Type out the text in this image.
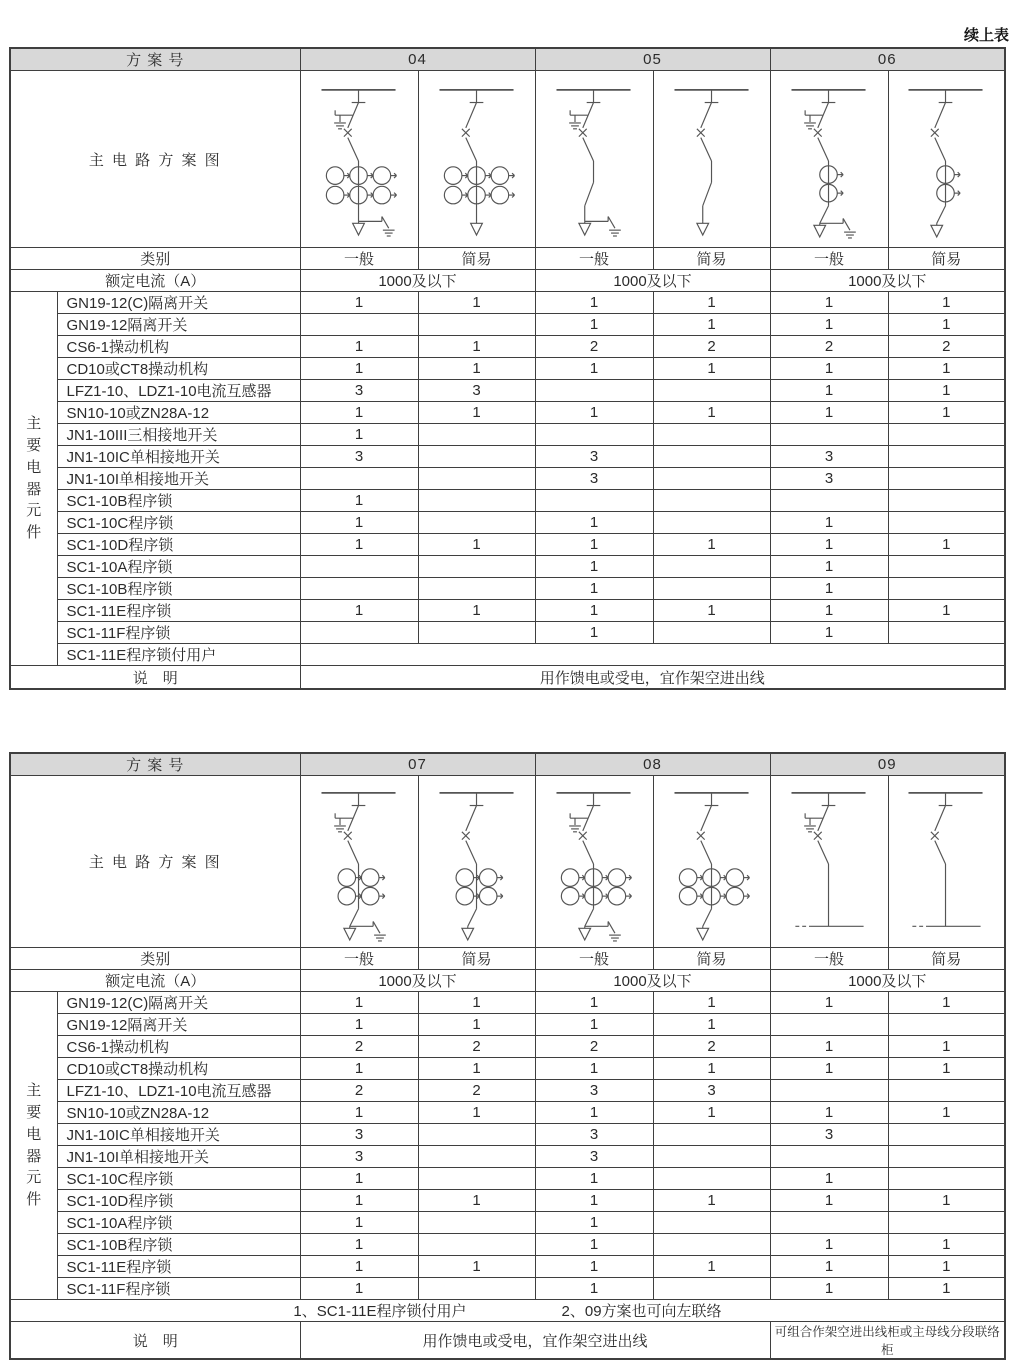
续上表
方 案 号		04		05		06	
主 电 路 方 案 图	

类别		一般	简易	一般	简易	一般	简易
额定电流（A）		1000及以下		1000及以下		1000及以下	

主
要
电
器
元
件
	GN19-12(C)隔离开关	1	1	1	1	1	1
	GN19-12隔离开关			1	1	1	1
	CS6-1操动机构	1	1	2	2	2	2
	CD10或CT8操动机构	1	1	1	1	1	1
	LFZ1-10、LDZ1-10电流互感器	3	3			1	1
	SN10-10或ZN28A-12	1	1	1	1	1	1
	JN1-10III三相接地开关	1					
	JN1-10IC单相接地开关	3		3		3	
	JN1-10I单相接地开关			3		3	
	SC1-10B程序锁	1					
	SC1-10C程序锁	1		1		1	
	SC1-10D程序锁	1	1	1	1	1	1
	SC1-10A程序锁			1		1	
	SC1-10B程序锁			1		1	
	SC1-11E程序锁	1	1	1	1	1	1
	SC1-11F程序锁			1		1	
	SC1-11E程序锁付用户						
说　明		用作馈电或受电，宜作架空进出线					
方 案 号		07		08		09	
主 电 路 方 案 图	

类别		一般	简易	一般	简易	一般	简易
额定电流（A）		1000及以下		1000及以下		1000及以下	

主
要
电
器
元
件
	GN19-12(C)隔离开关	1	1	1	1	1	1
	GN19-12隔离开关	1	1	1	1		
	CS6-1操动机构	2	2	2	2	1	1
	CD10或CT8操动机构	1	1	1	1	1	1
	LFZ1-10、LDZ1-10电流互感器	2	2	3	3		
	SN10-10或ZN28A-12	1	1	1	1	1	1
	JN1-10IC单相接地开关	3		3		3	
	JN1-10I单相接地开关	3		3			
	SC1-10C程序锁	1		1		1	
	SC1-10D程序锁	1	1	1	1	1	1
	SC1-10A程序锁	1		1			
	SC1-10B程序锁	1		1		1	1
	SC1-11E程序锁	1	1	1	1	1	1
	SC1-11F程序锁	1		1		1	1
1、SC1-11E程序锁付用户 2、09方案也可向左联络							
说　明		用作馈电或受电，宜作架空进出线				可组合作架空进出线柜或主母线分段联络柜	
